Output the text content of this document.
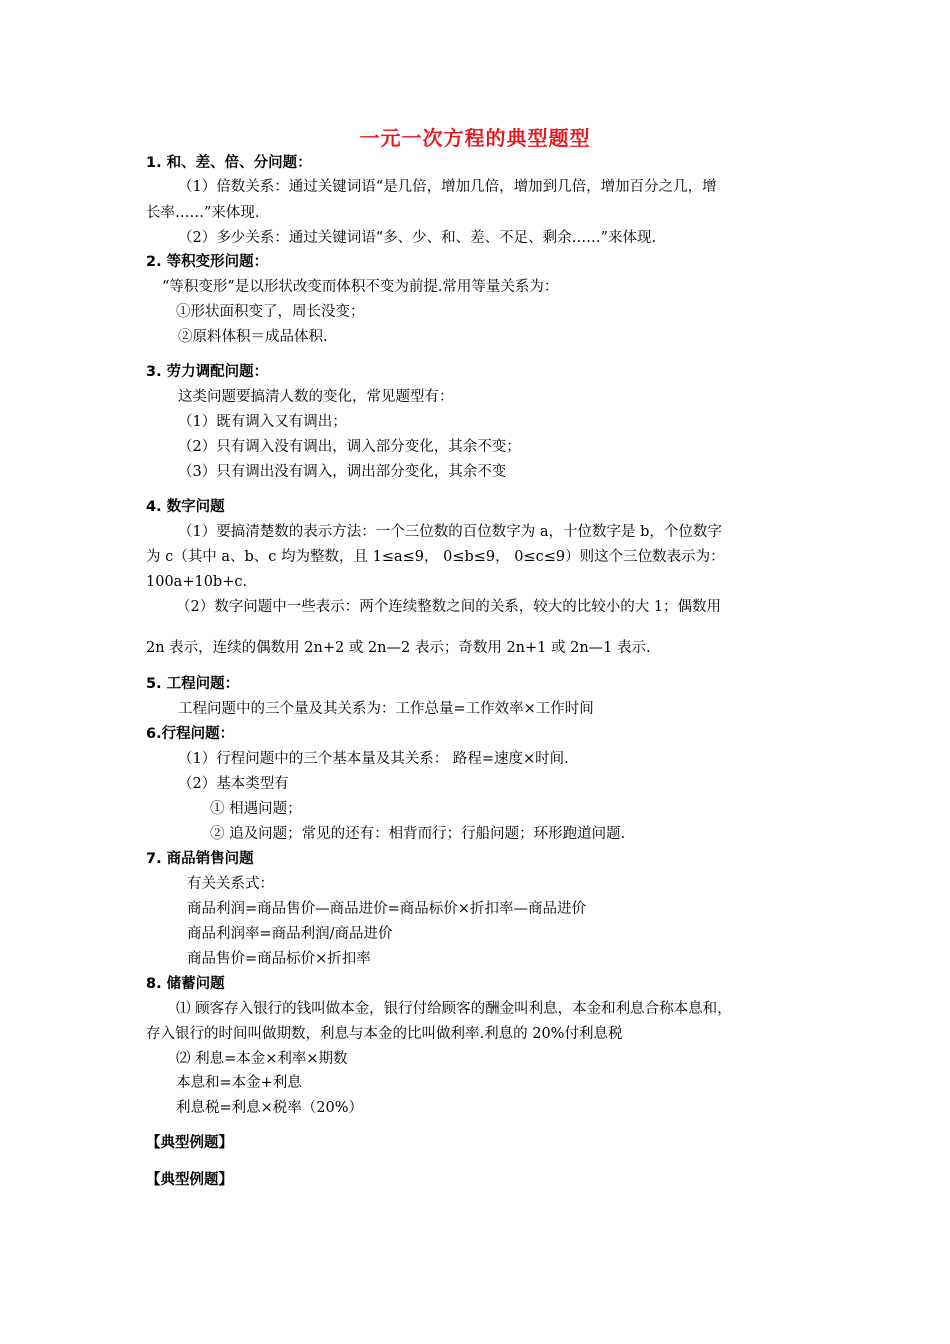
一元一次方程的典型题型
1. 和、差、倍、分问题：
（1）倍数关系：通过关键词语“是几倍，增加几倍，增加到几倍，增加百分之几，增
长率……”来体现.
（2）多少关系：通过关键词语“多、少、和、差、不足、剩余……”来体现.
2. 等积变形问题：
“等积变形”是以形状改变而体积不变为前提.常用等量关系为：
①形状面积变了，周长没变；
②原料体积＝成品体积.
3. 劳力调配问题：
这类问题要搞清人数的变化，常见题型有：
（1）既有调入又有调出；
（2）只有调入没有调出，调入部分变化，其余不变；
（3）只有调出没有调入，调出部分变化，其余不变
4. 数字问题
（1）要搞清楚数的表示方法：一个三位数的百位数字为 a，十位数字是 b，个位数字
为 c（其中 a、b、c 均为整数，且 1≤a≤9， 0≤b≤9， 0≤c≤9）则这个三位数表示为：
100a+10b+c.
（2）数字问题中一些表示：两个连续整数之间的关系，较大的比较小的大 1；偶数用
2n 表示，连续的偶数用 2n+2 或 2n—2 表示；奇数用 2n+1 或 2n—1 表示.
5. 工程问题：
工程问题中的三个量及其关系为：工作总量=工作效率×工作时间
6.行程问题：
（1）行程问题中的三个基本量及其关系： 路程=速度×时间.
（2）基本类型有
① 相遇问题；
② 追及问题；常见的还有：相背而行；行船问题；环形跑道问题.
7. 商品销售问题
有关关系式：
商品利润=商品售价—商品进价=商品标价×折扣率—商品进价
商品利润率=商品利润/商品进价
商品售价=商品标价×折扣率
8. 储蓄问题
⑴ 顾客存入银行的钱叫做本金，银行付给顾客的酬金叫利息，本金和利息合称本息和，
存入银行的时间叫做期数，利息与本金的比叫做利率.利息的 20%付利息税
⑵ 利息=本金×利率×期数
本息和=本金+利息
利息税=利息×税率（20%）
【典型例题】
【典型例题】
